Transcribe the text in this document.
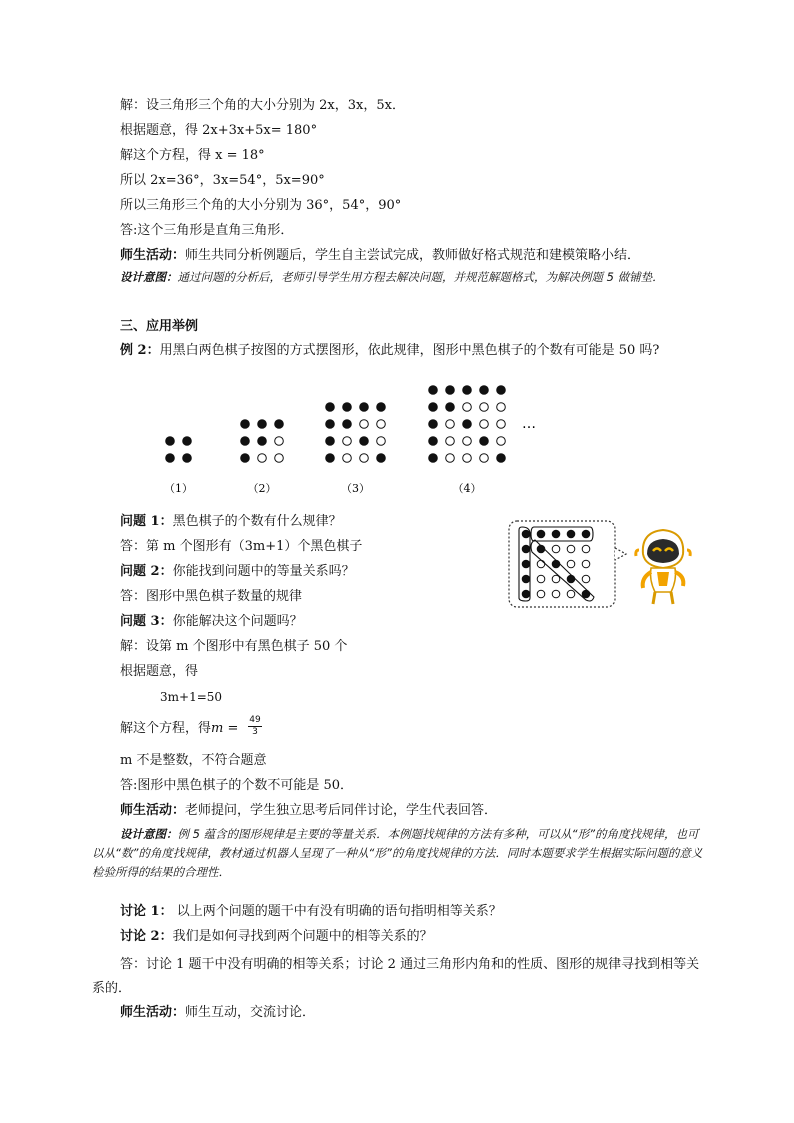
解：设三角形三个角的大小分别为 2x，3x，5x．
根据题意，得 2x+3x+5x= 180°
解这个方程，得 x = 18°
所以 2x=36°，3x=54°，5x=90°
所以三角形三个角的大小分别为 36°，54°，90°
答:这个三角形是直角三角形．
师生活动：师生共同分析例题后，学生自主尝试完成，教师做好格式规范和建模策略小结．
设计意图：通过问题的分析后，老师引导学生用方程去解决问题，并规范解题格式，为解决例题 5 做铺垫．
三、应用举例
例 2：用黑白两色棋子按图的方式摆图形，依此规律，图形中黑色棋子的个数有可能是 50 吗?
（1）	（2）	（3）	（4）
…
问题 1：黑色棋子的个数有什么规律？
答：第 m 个图形有（3m+1）个黑色棋子
问题 2：你能找到问题中的等量关系吗？
答：图形中黑色棋子数量的规律
问题 3：你能解决这个问题吗？
解：设第 m 个图形中有黑色棋子 50 个
根据题意，得
3m+1=50
解这个方程，得$m = \frac{49}{3}$
m 不是整数，不符合题意
答:图形中黑色棋子的个数不可能是 50．
师生活动：老师提问，学生独立思考后同伴讨论，学生代表回答．
设计意图：例 5 蕴含的图形规律是主要的等量关系．本例题找规律的方法有多种，可以从“形”的角度找规律，也可以从“数”的角度找规律，教材通过机器人呈现了一种从“形”的角度找规律的方法．同时本题要求学生根据实际问题的意义检验所得的结果的合理性．
讨论 1： 以上两个问题的题干中有没有明确的语句指明相等关系？
讨论 2：我们是如何寻找到两个问题中的相等关系的？
答：讨论 1 题干中没有明确的相等关系；讨论 2 通过三角形内角和的性质、图形的规律寻找到相等关系的．
师生活动：师生互动，交流讨论．
